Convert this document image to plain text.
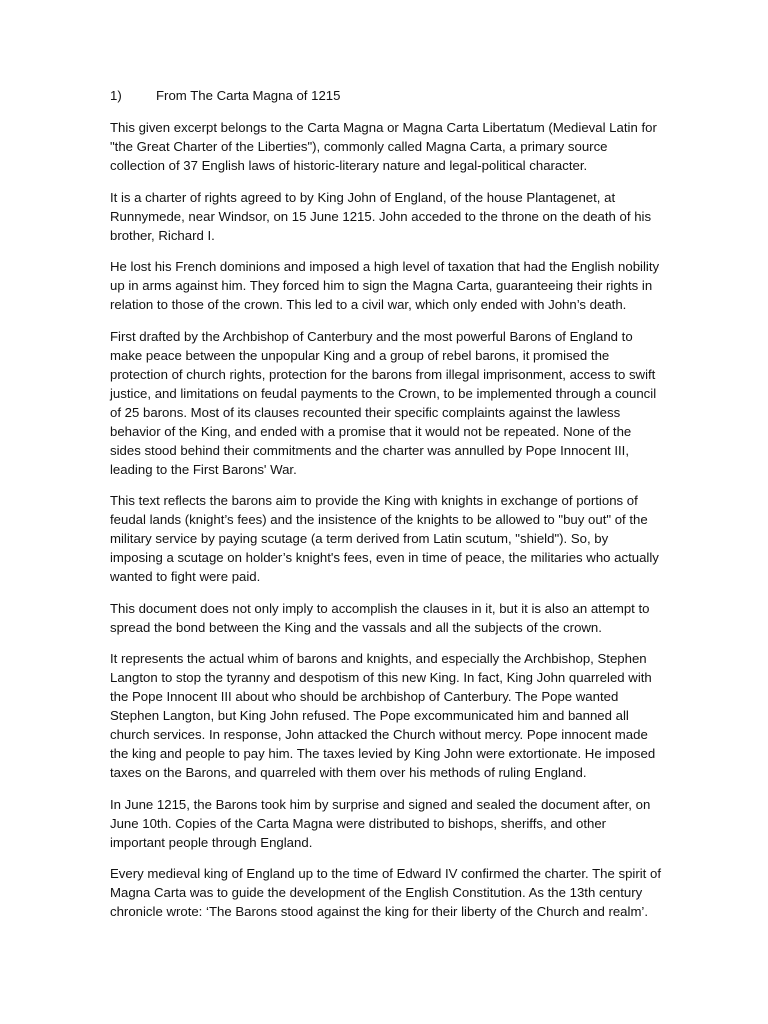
1)	From The Carta Magna of 1215

This given excerpt belongs to the Carta Magna or Magna Carta Libertatum (Medieval Latin for "the Great Charter of the Liberties"), commonly called Magna Carta, a primary source collection of 37 English laws of historic-literary nature and legal-political character.

It is a charter of rights agreed to by King John of England, of the house Plantagenet, at Runnymede, near Windsor, on 15 June 1215. John acceded to the throne on the death of his brother, Richard I.

He lost his French dominions and imposed a high level of taxation that had the English nobility up in arms against him. They forced him to sign the Magna Carta, guaranteeing their rights in relation to those of the crown. This led to a civil war, which only ended with John’s death.

First drafted by the Archbishop of Canterbury and the most powerful Barons of England to make peace between the unpopular King and a group of rebel barons, it promised the protection of church rights, protection for the barons from illegal imprisonment, access to swift justice, and limitations on feudal payments to the Crown, to be implemented through a council of 25 barons. Most of its clauses recounted their specific complaints against the lawless behavior of the King, and ended with a promise that it would not be repeated. None of the sides stood behind their commitments and the charter was annulled by Pope Innocent III, leading to the First Barons' War.

This text reflects the barons aim to provide the King with knights in exchange of portions of feudal lands (knight’s fees) and the insistence of the knights to be allowed to "buy out" of the military service by paying scutage (a term derived from Latin scutum, "shield"). So, by imposing a scutage on holder’s knight's fees, even in time of peace, the militaries who actually wanted to fight were paid.

This document does not only imply to accomplish the clauses in it, but it is also an attempt to spread the bond between the King and the vassals and all the subjects of the crown.

It represents the actual whim of barons and knights, and especially the Archbishop, Stephen Langton to stop the tyranny and despotism of this new King. In fact, King John quarreled with the Pope Innocent III about who should be archbishop of Canterbury. The Pope wanted Stephen Langton, but King John refused. The Pope excommunicated him and banned all church services. In response, John attacked the Church without mercy. Pope innocent made the king and people to pay him. The taxes levied by King John were extortionate. He imposed taxes on the Barons, and quarreled with them over his methods of ruling England.

In June 1215, the Barons took him by surprise and signed and sealed the document after, on June 10th. Copies of the Carta Magna were distributed to bishops, sheriffs, and other important people through England.

Every medieval king of England up to the time of Edward IV confirmed the charter. The spirit of Magna Carta was to guide the development of the English Constitution. As the 13th century chronicle wrote: ‘The Barons stood against the king for their liberty of the Church and realm’.
